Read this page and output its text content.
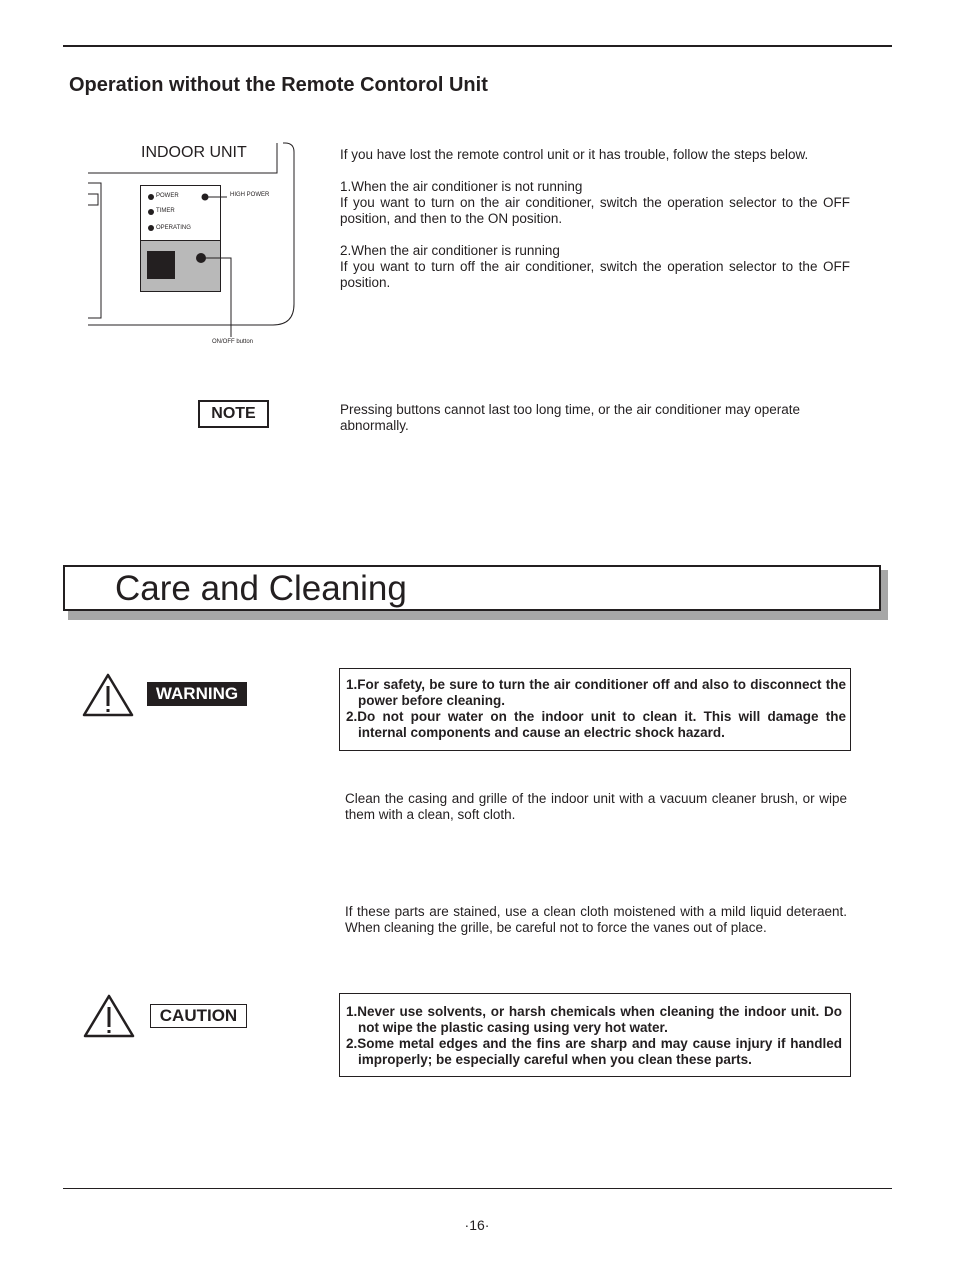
Operation without the Remote Contorol Unit
INDOOR UNIT
POWER
TIMER
OPERATING
HIGH POWER
ON/OFF button
If you have lost the remote control unit or it has trouble, follow the steps below.
1.When the air conditioner is not running
If you want to turn on the air conditioner, switch the operation selector to the OFF position, and then to the ON position.
2.When the air conditioner is running
If you want to turn off the air conditioner, switch the operation selector to the OFF position.
NOTE	Pressing buttons cannot last too long time, or the air conditioner may operate abnormally.
Care and Cleaning
WARNING	1.For safety, be sure to turn the air conditioner off and also to disconnect the power before cleaning.
2.Do not pour water on the indoor unit to clean it. This will damage the internal components and cause an electric shock hazard.
Clean the casing and grille of the indoor unit with a vacuum cleaner brush, or wipe them with a clean, soft cloth.
If these parts are stained, use a clean cloth moistened with a mild liquid deteraent. When cleaning the grille, be careful not to force the vanes out of place.
CAUTION	1.Never use solvents, or harsh chemicals when cleaning the indoor unit. Do not wipe the plastic casing using very hot water.
2.Some metal edges and the fins are sharp and may cause injury if handled improperly; be especially careful when you clean these parts.
·16·
